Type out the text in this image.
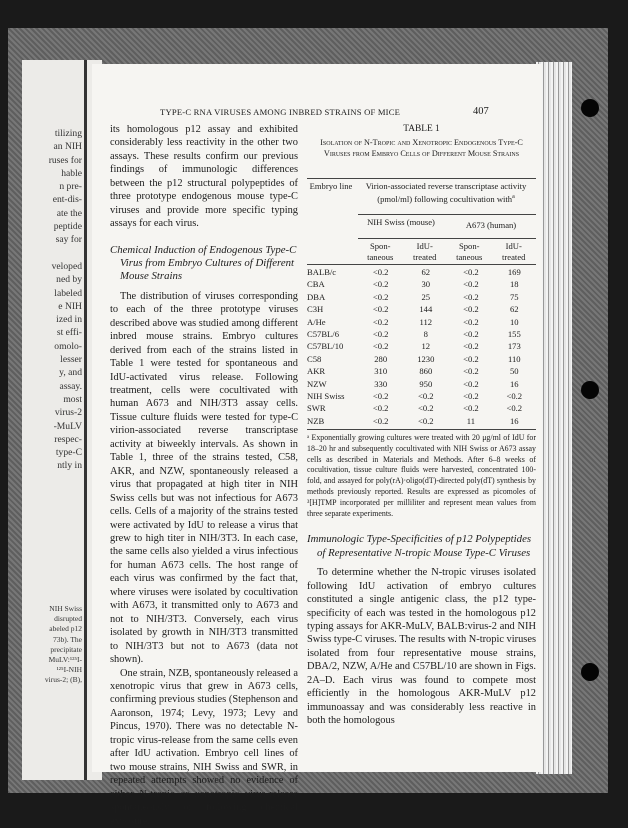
tilizing
an NIH
ruses for
hable
n pre-
ent-dis-
ate the
peptide
say for

veloped
ned by
labeled
e NIH
ized in
st effi-
omolo-
lesser
y, and
assay.
most
virus-2
-MuLV
respec-
type-C
ntly in
NIH Swiss
disrupted
abeled p12
73b). The
precipitate
MuLV:¹²⁵I-
¹²⁵I-NIH
virus-2; (B),
TYPE-C RNA VIRUSES AMONG INBRED STRAINS OF MICE	407

its homologous p12 assay and exhibited considerably less reactivity in the other two assays. These results confirm our previous findings of immunologic differences between the p12 structural polypeptides of three prototype endogenous mouse type-C viruses and provide more specific typing assays for each virus.

Chemical Induction of Endogenous Type-C Virus from Embryo Cultures of Different Mouse Strains

The distribution of viruses corresponding to each of the three prototype viruses described above was studied among different inbred mouse strains. Embryo cultures derived from each of the strains listed in Table 1 were tested for spontaneous and IdU-activated virus release. Following treatment, cells were cocultivated with human A673 and NIH/3T3 assay cells. Tissue culture fluids were tested for type-C virion-associated reverse transcriptase activity at biweekly intervals. As shown in Table 1, three of the strains tested, C58, AKR, and NZW, spontaneously released a virus that propagated at high titer in NIH Swiss cells but was not infectious for A673 cells. Cells of a majority of the strains tested were activated by IdU to release a virus that grew to high titer in NIH/3T3. In each case, the same cells also yielded a virus infectious for human A673 cells. The host range of each virus was confirmed by the fact that, where viruses were isolated by cocultivation with A673, it transmitted only to A673 and not to NIH/3T3. Conversely, each virus isolated by growth in NIH/3T3 transmitted to NIH/3T3 but not to A673 (data not shown).

One strain, NZB, spontaneously released a xenotropic virus that grew in A673 cells, confirming previous studies (Stephenson and Aaronson, 1974; Levy, 1973; Levy and Pincus, 1970). There was no detectable N-tropic virus-release from the same cells even after IdU activation. Embryo cell lines of two mouse strains, NIH Swiss and SWR, in repeated attempts showed no evidence of either N-tropic or xenotropic virus-release spontaneously or following chemical exposure.

TABLE 1
Isolation of N-Tropic and Xenotropic Endogenous Type-C Viruses from Embryo Cells of Different Mouse Strains
Embryo line	Virion-associated reverse transcriptase activity (pmol/ml) following cocultivation with$^a$
NIH Swiss (mouse)	A673 (human)
Spon-
taneous
IdU-
treated
Spon-
taneous
IdU-
treated
BALB/c	<0.2	62	<0.2	169
CBA	<0.2	30	<0.2	18
DBA	<0.2	25	<0.2	75
C3H	<0.2	144	<0.2	62
A/He	<0.2	112	<0.2	10
C57BL/6	<0.2	8	<0.2	155
C57BL/10	<0.2	12	<0.2	173
C58	280	1230	<0.2	110
AKR	310	860	<0.2	50
NZW	330	950	<0.2	16
NIH Swiss	<0.2	<0.2	<0.2	<0.2
SWR	<0.2	<0.2	<0.2	<0.2
NZB	<0.2	<0.2	11	16
ᵃ Exponentially growing cultures were treated with 20 μg/ml of IdU for 18–20 hr and subsequently cocultivated with NIH Swiss or A673 assay cells as described in Materials and Methods. After 6–8 weeks of cocultivation, tissue culture fluids were harvested, concentrated 100-fold, and assayed for poly(rA)·oligo(dT)-directed poly(dT) synthesis by methods previously reported. Results are expressed as picomoles of ³[H]TMP incorporated per milliliter and represent mean values from three separate experiments.
Immunologic Type-Specificities of p12 Polypeptides of Representative N-tropic Mouse Type-C Viruses

To determine whether the N-tropic viruses isolated following IdU activation of embryo cultures constituted a single antigenic class, the p12 type-specificity of each was tested in the homologous p12 typing assays for AKR-MuLV, BALB:virus-2 and NIH Swiss type-C viruses. The results with N-tropic viruses isolated from four representative mouse strains, DBA/2, NZW, A/He and C57BL/10 are shown in Figs. 2A–D. Each virus was found to compete most efficiently in the homologous AKR-MuLV p12 immunoassay and was considerably less reactive in both the homologous
